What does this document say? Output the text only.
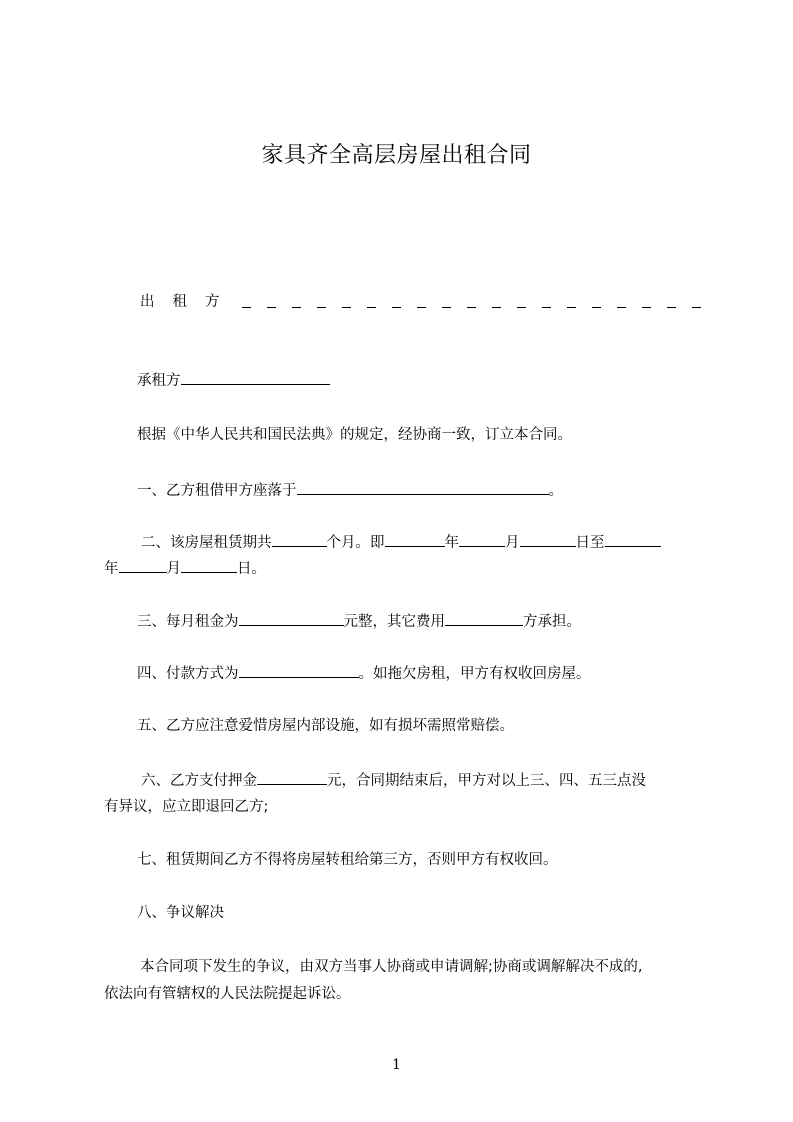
家具齐全高层房屋出租合同
出租方
承租方
根据《中华人民共和国民法典》的规定，经协商一致，订立本合同。
一、乙方租借甲方座落于	。
二、该房屋租赁期共	个月。即	年	月	日至
年	月	日。
三、每月租金为	元整，其它费用	方承担。
四、付款方式为	。如拖欠房租，甲方有权收回房屋。
五、乙方应注意爱惜房屋内部设施，如有损坏需照常赔偿。
六、乙方支付押金	元，合同期结束后，甲方对以上三、四、五三点没
有异议，应立即退回乙方;
七、租赁期间乙方不得将房屋转租给第三方，否则甲方有权收回。
八、争议解决
本合同项下发生的争议，由双方当事人协商或申请调解;协商或调解解决不成的,
依法向有管辖权的人民法院提起诉讼。
1
